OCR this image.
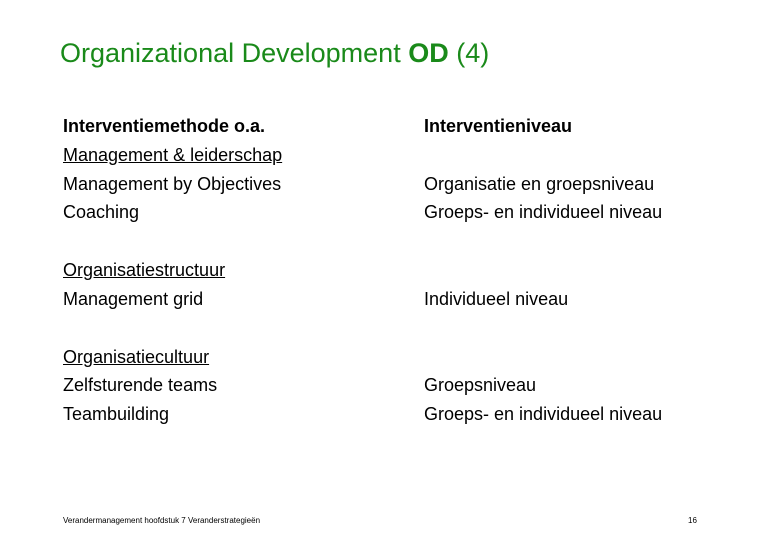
Organizational Development OD (4)
Interventiemethode o.a.
Management & leiderschap
Management by Objectives
Coaching
Organisatiestructuur
Management grid
Organisatiecultuur
Zelfsturende teams
Teambuilding
Interventieniveau
Organisatie en groepsniveau
Groeps- en individueel niveau
Individueel niveau
Groepsniveau
Groeps- en individueel niveau
Verandermanagement hoofdstuk 7 Veranderstrategieën	16
